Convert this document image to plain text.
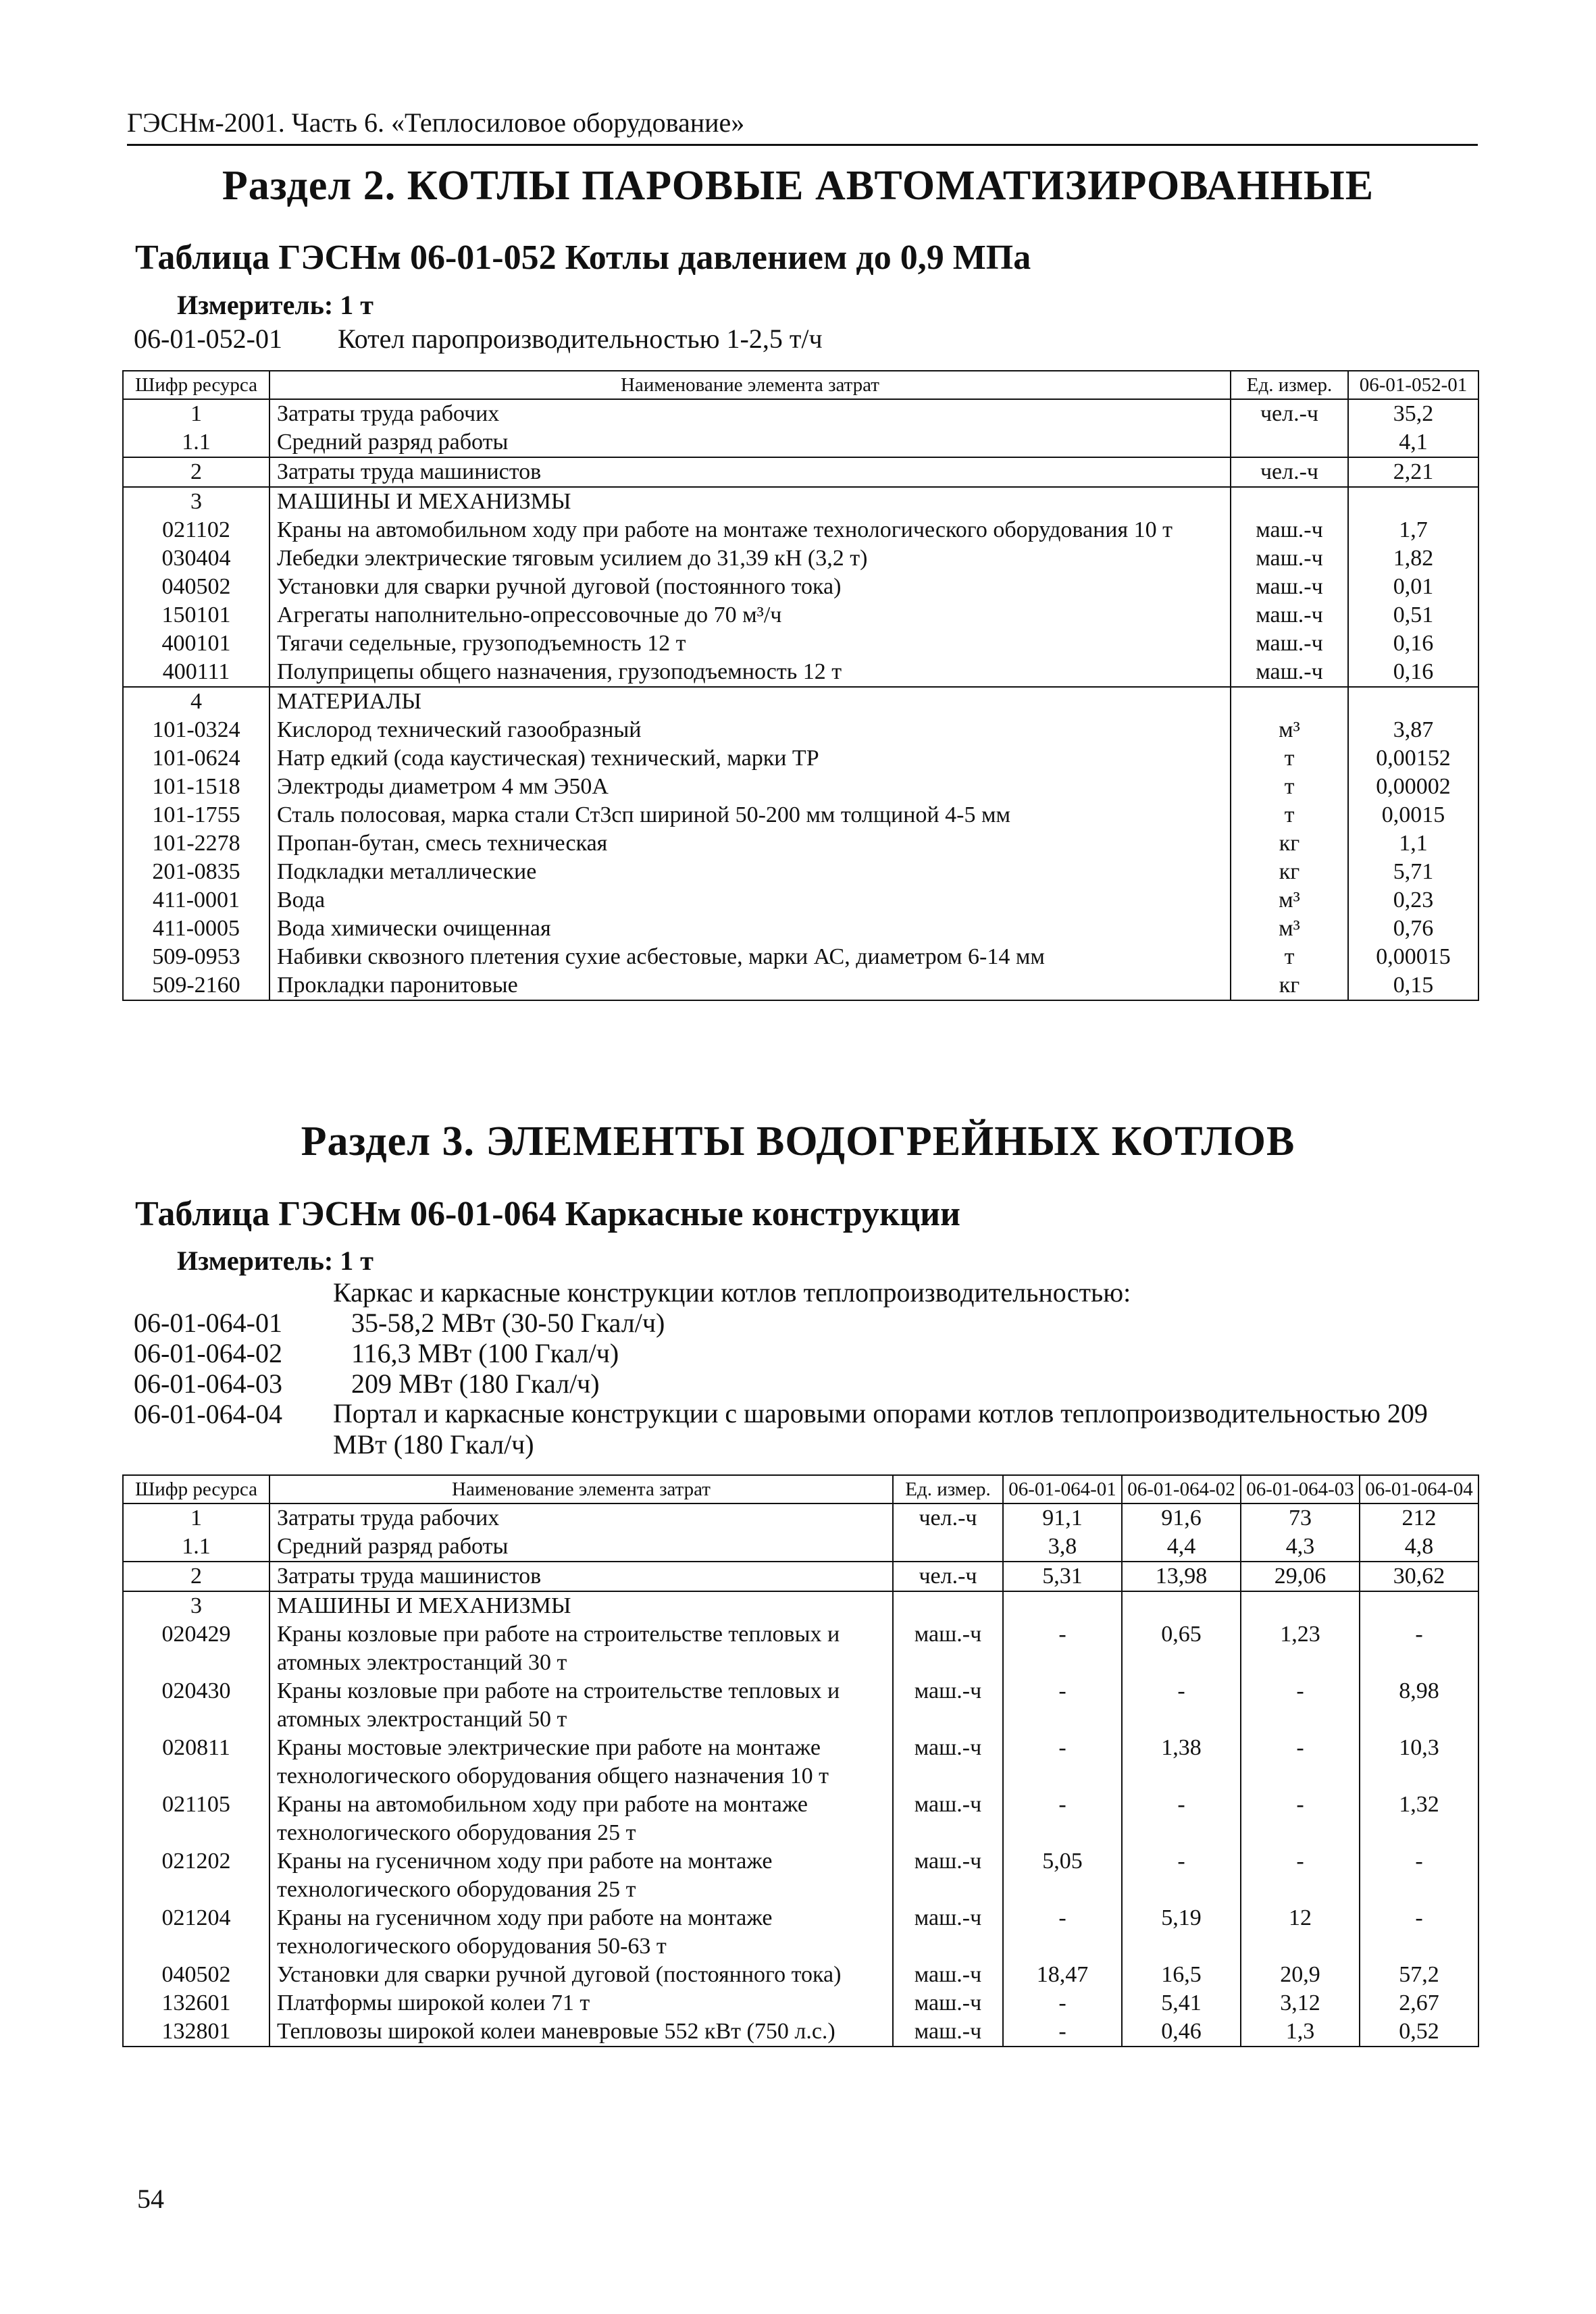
ГЭСНм-2001. Часть 6. «Теплосиловое оборудование»
Раздел 2. КОТЛЫ ПАРОВЫЕ АВТОМАТИЗИРОВАННЫЕ
Таблица ГЭСНм 06-01-052 Котлы давлением до 0,9 МПа
Измеритель: 1 т
06-01-052-01 Котел паропроизводительностью 1-2,5 т/ч
Шифр ресурса	Наименование элемента затрат	Ед. измер.	06-01-052-01
1	Затраты труда рабочих	чел.-ч	35,2
1.1	Средний разряд работы		4,1
2	Затраты труда машинистов	чел.-ч	2,21
3	МАШИНЫ И МЕХАНИЗМЫ		
021102	Краны на автомобильном ходу при работе на монтаже технологического оборудования 10 т	маш.-ч	1,7
030404	Лебедки электрические тяговым усилием до 31,39 кН (3,2 т)	маш.-ч	1,82
040502	Установки для сварки ручной дуговой (постоянного тока)	маш.-ч	0,01
150101	Агрегаты наполнительно-опрессовочные до 70 м³/ч	маш.-ч	0,51
400101	Тягачи седельные, грузоподъемность 12 т	маш.-ч	0,16
400111	Полуприцепы общего назначения, грузоподъемность 12 т	маш.-ч	0,16
4	МАТЕРИАЛЫ		
101-0324	Кислород технический газообразный	м³	3,87
101-0624	Натр едкий (сода каустическая) технический, марки ТР	т	0,00152
101-1518	Электроды диаметром 4 мм Э50А	т	0,00002
101-1755	Сталь полосовая, марка стали Ст3сп шириной 50-200 мм толщиной 4-5 мм	т	0,0015
101-2278	Пропан-бутан, смесь техническая	кг	1,1
201-0835	Подкладки металлические	кг	5,71
411-0001	Вода	м³	0,23
411-0005	Вода химически очищенная	м³	0,76
509-0953	Набивки сквозного плетения сухие асбестовые, марки АС, диаметром 6-14 мм	т	0,00015
509-2160	Прокладки паронитовые	кг	0,15
Раздел 3. ЭЛЕМЕНТЫ ВОДОГРЕЙНЫХ КОТЛОВ
Таблица ГЭСНм 06-01-064 Каркасные конструкции
Измеритель: 1 т
Каркас и каркасные конструкции котлов теплопроизводительностью:
06-01-064-01	35-58,2 МВт (30-50 Гкал/ч)
06-01-064-02	116,3 МВт (100 Гкал/ч)
06-01-064-03	209 МВт (180 Гкал/ч)
06-01-064-04 Портал и каркасные конструкции с шаровыми опорами котлов теплопроизводительностью 209 МВт (180 Гкал/ч)
Шифр ресурса	Наименование элемента затрат	Ед. измер.	06-01-064-01	06-01-064-02	06-01-064-03	06-01-064-04
1	Затраты труда рабочих	чел.-ч	91,1	91,6	73	212
1.1	Средний разряд работы		3,8	4,4	4,3	4,8
2	Затраты труда машинистов	чел.-ч	5,31	13,98	29,06	30,62
3	МАШИНЫ И МЕХАНИЗМЫ					
020429	Краны козловые при работе на строительстве тепловых и атомных электростанций 30 т	маш.-ч	-	0,65	1,23	-
020430	Краны козловые при работе на строительстве тепловых и атомных электростанций 50 т	маш.-ч	-	-	-	8,98
020811	Краны мостовые электрические при работе на монтаже технологического оборудования общего назначения 10 т	маш.-ч	-	1,38	-	10,3
021105	Краны на автомобильном ходу при работе на монтаже технологического оборудования 25 т	маш.-ч	-	-	-	1,32
021202	Краны на гусеничном ходу при работе на монтаже технологического оборудования 25 т	маш.-ч	5,05	-	-	-
021204	Краны на гусеничном ходу при работе на монтаже технологического оборудования 50-63 т	маш.-ч	-	5,19	12	-
040502	Установки для сварки ручной дуговой (постоянного тока)	маш.-ч	18,47	16,5	20,9	57,2
132601	Платформы широкой колеи 71 т	маш.-ч	-	5,41	3,12	2,67
132801	Тепловозы широкой колеи маневровые 552 кВт (750 л.с.)	маш.-ч	-	0,46	1,3	0,52
54
